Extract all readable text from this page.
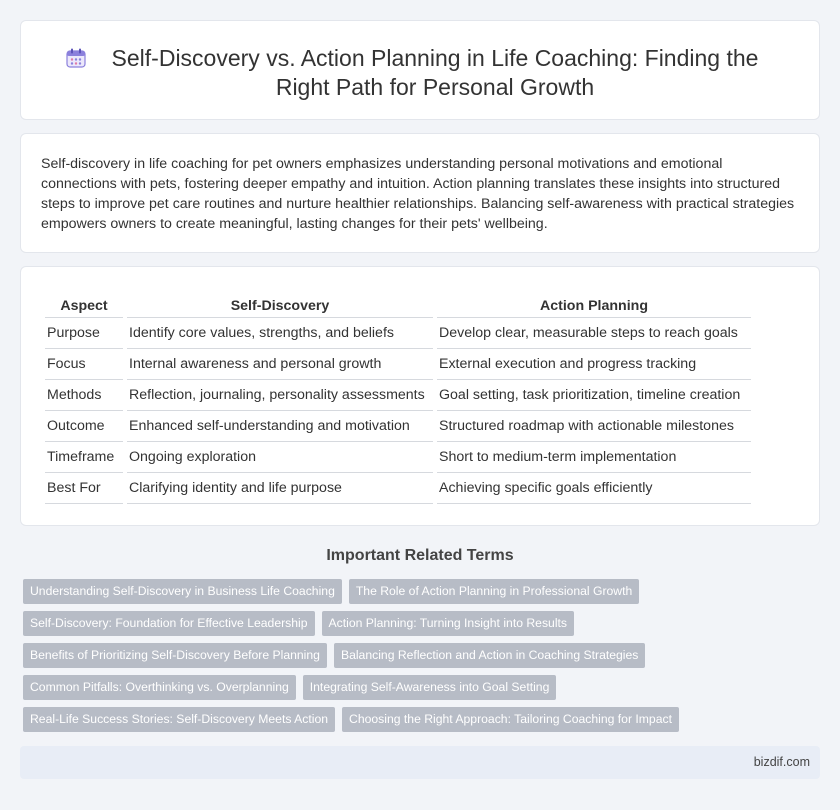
Self-Discovery vs. Action Planning in Life Coaching: Finding the Right Path for Personal Growth

Self-discovery in life coaching for pet owners emphasizes understanding personal motivations and emotional connections with pets, fostering deeper empathy and intuition. Action planning translates these insights into structured steps to improve pet care routines and nurture healthier relationships. Balancing self-awareness with practical strategies empowers owners to create meaningful, lasting changes for their pets' wellbeing.

Aspect	Self-Discovery	Action Planning
Purpose	Identify core values, strengths, and beliefs	Develop clear, measurable steps to reach goals
Focus	Internal awareness and personal growth	External execution and progress tracking
Methods	Reflection, journaling, personality assessments	Goal setting, task prioritization, timeline creation
Outcome	Enhanced self-understanding and motivation	Structured roadmap with actionable milestones
Timeframe	Ongoing exploration	Short to medium-term implementation
Best For	Clarifying identity and life purpose	Achieving specific goals efficiently
Important Related Terms
Understanding Self-Discovery in Business Life Coaching	The Role of Action Planning in Professional Growth
Self-Discovery: Foundation for Effective Leadership	Action Planning: Turning Insight into Results
Benefits of Prioritizing Self-Discovery Before Planning	Balancing Reflection and Action in Coaching Strategies
Common Pitfalls: Overthinking vs. Overplanning	Integrating Self-Awareness into Goal Setting
Real-Life Success Stories: Self-Discovery Meets Action	Choosing the Right Approach: Tailoring Coaching for Impact
bizdif.com
